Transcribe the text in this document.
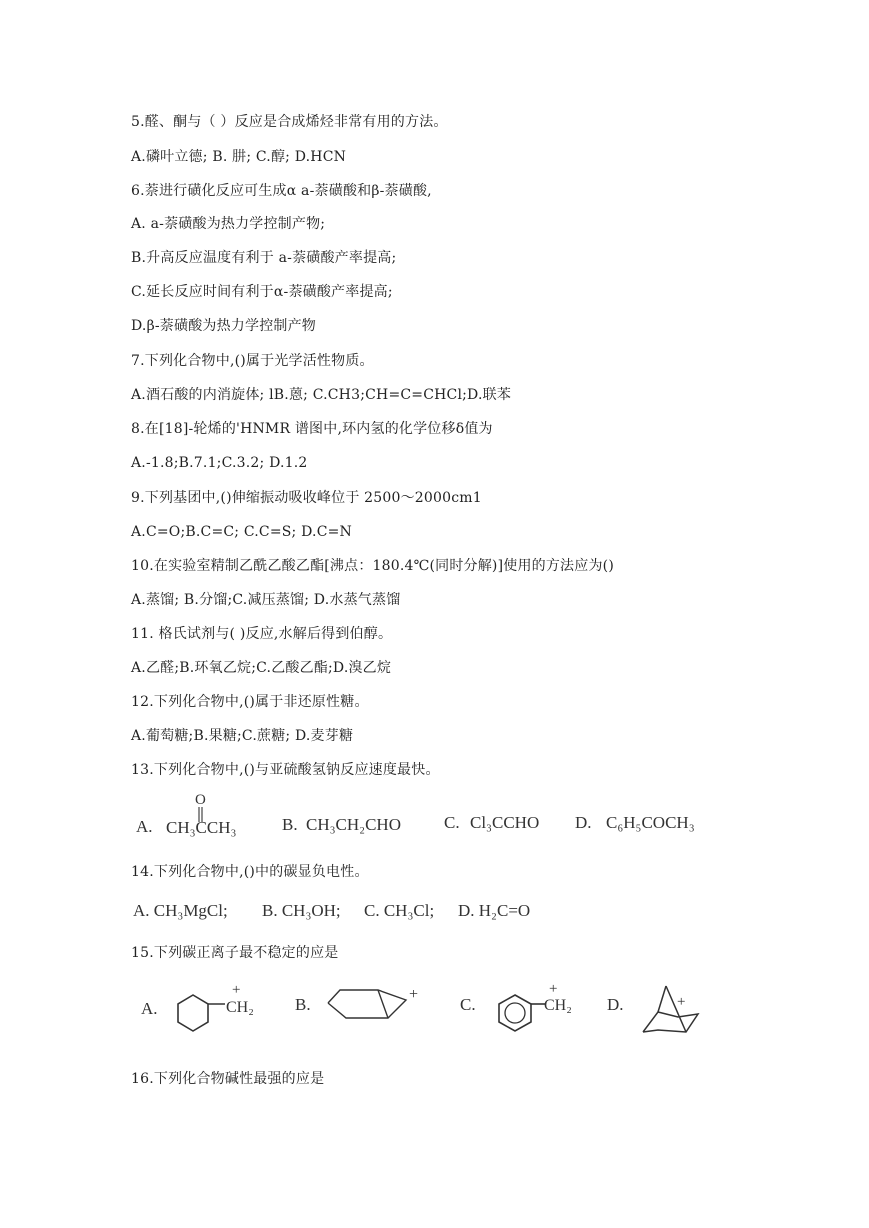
5.醛、酮与（ ）反应是合成烯烃非常有用的方法。
A.磷叶立德; B. 肼; C.醇; D.HCN
6.萘进行磺化反应可生成α a-萘磺酸和β-萘磺酸,
A. a-萘磺酸为热力学控制产物;
B.升高反应温度有利于 a-萘磺酸产率提高;
C.延长反应时间有利于α-萘磺酸产率提高;
D.β-萘磺酸为热力学控制产物
7.下列化合物中,()属于光学活性物质。
A.酒石酸的内消旋体; lB.蒽; C.CH3;CH=C=CHCl;D.联苯
8.在[18]-轮烯的'HNMR 谱图中,环内氢的化学位移δ值为
A.-1.8;B.7.1;C.3.2; D.1.2
9.下列基团中,()伸缩振动吸收峰位于 2500～2000cm1
A.C=O;B.C=C; C.C=S; D.C=N
10.在实验室精制乙酰乙酸乙酯[沸点：180.4℃(同时分解)]使用的方法应为()
A.蒸馏; B.分馏;C.减压蒸馏; D.水蒸气蒸馏
11. 格氏试剂与( )反应,水解后得到伯醇。
A.乙醛;B.环氧乙烷;C.乙酸乙酯;D.溴乙烷
12.下列化合物中,()属于非还原性糖。
A.葡萄糖;B.果糖;C.蔗糖; D.麦芽糖
13.下列化合物中,()与亚硫酸氢钠反应速度最快。
A.
O
CH₃CCH₃	B. CH₃CH₂CHO	C. Cl₃CCHO D. C₆H₅COCH₃
14.下列化合物中,()中的碳显负电性。
A. CH₃MgCl; B. CH₃OH; C. CH₃Cl; D. H₂C=O
15.下列碳正离子最不稳定的应是
A.
+
CH₂ B.
+
C.
+
CH₂ D.	+
16.下列化合物碱性最强的应是
